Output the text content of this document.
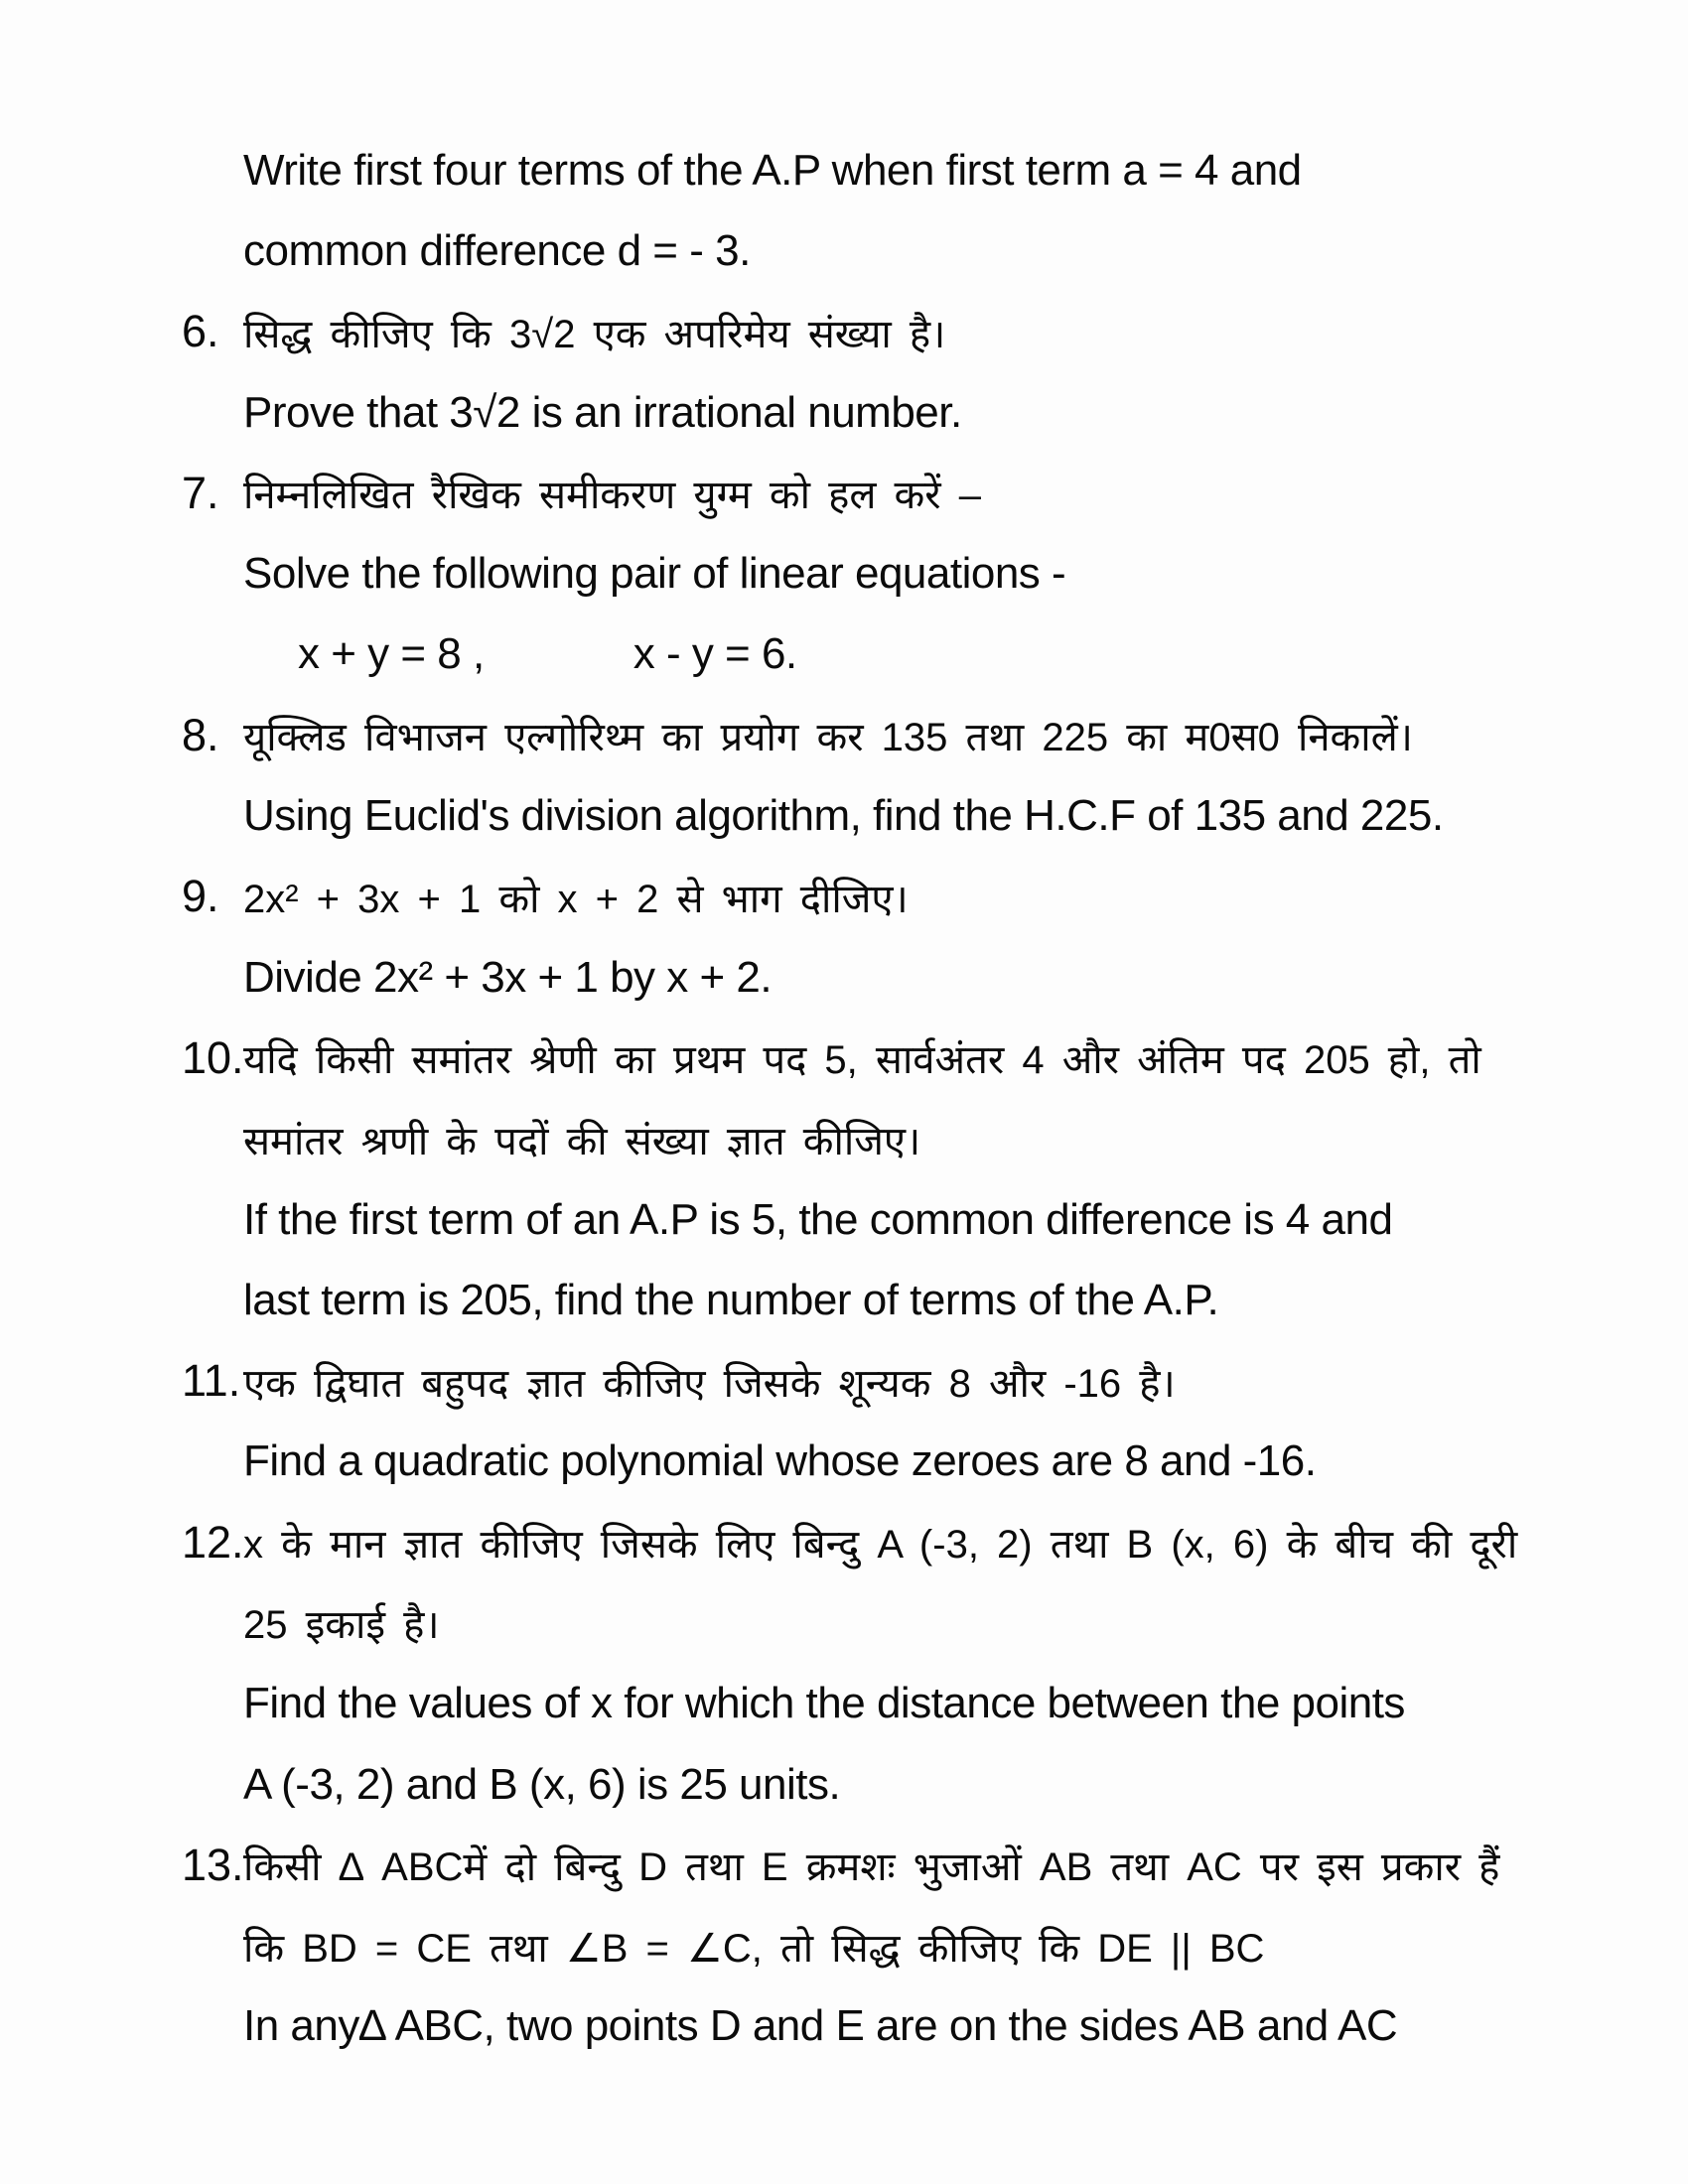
Write first four terms of the A.P when first term a = 4 and
common difference d = - 3.
6. सिद्ध कीजिए कि 3√2 एक अपरिमेय संख्या है।
Prove that 3√2 is an irrational number.
7. निम्नलिखित रैखिक समीकरण युग्म को हल करें –
Solve the following pair of linear equations -
x + y = 8 ,	x - y = 6.
8. यूक्लिड विभाजन एल्गोरिथ्म का प्रयोग कर 135 तथा 225 का म0स0 निकालें।
Using Euclid's division algorithm, find the H.C.F of 135 and 225.
9. 2x² + 3x + 1 को x + 2 से भाग दीजिए।
Divide 2x² + 3x + 1 by x + 2.
10. यदि किसी समांतर श्रेणी का प्रथम पद 5, सार्वअंतर 4 और अंतिम पद 205 हो, तो
समांतर श्रणी के पदों की संख्या ज्ञात कीजिए।
If the first term of an A.P is 5, the common difference is 4 and
last term is 205, find the number of terms of the A.P.
11. एक द्विघात बहुपद ज्ञात कीजिए जिसके शून्यक 8 और -16 है।
Find a quadratic polynomial whose zeroes are 8 and -16.
12. x के मान ज्ञात कीजिए जिसके लिए बिन्दु A (-3, 2) तथा B (x, 6) के बीच की दूरी
25 इकाई है।
Find the values of x for which the distance between the points
A (-3, 2) and B (x, 6) is 25 units.
13. किसी ∆ ABCमें दो बिन्दु D तथा E क्रमशः भुजाओं AB तथा AC पर इस प्रकार हैं
कि BD = CE तथा ∠B = ∠C, तो सिद्ध कीजिए कि DE || BC
In any∆ ABC, two points D and E are on the sides AB and AC
